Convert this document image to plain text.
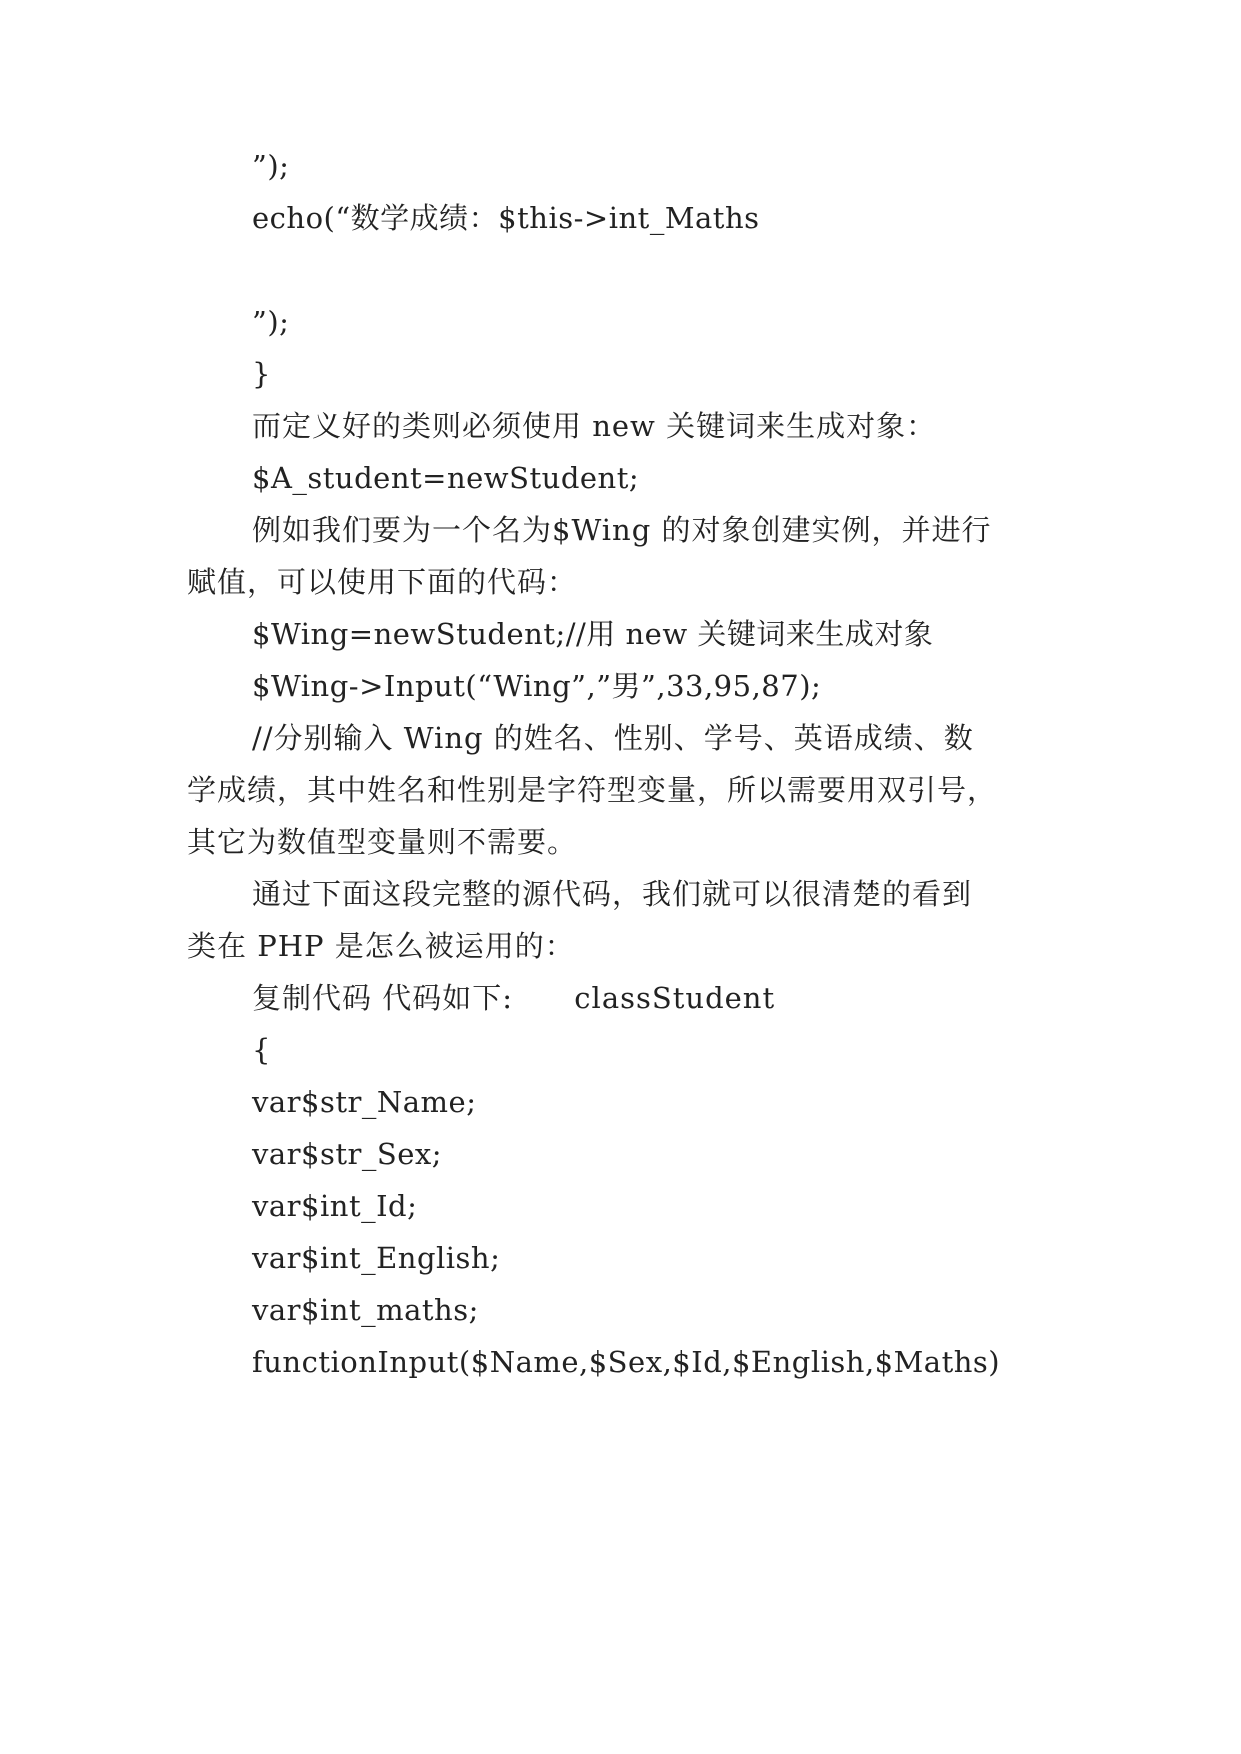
”);
echo(“数学成绩：$this->int_Maths
”);
}
而定义好的类则必须使用 new 关键词来生成对象：
$A_student=newStudent;
例如我们要为一个名为$Wing 的对象创建实例，并进行
赋值，可以使用下面的代码：
$Wing=newStudent;//用 new 关键词来生成对象
$Wing->Input(“Wing”,”男”,33,95,87);
//分别输入 Wing 的姓名、性别、学号、英语成绩、数
学成绩，其中姓名和性别是字符型变量，所以需要用双引号，
其它为数值型变量则不需要。
通过下面这段完整的源代码，我们就可以很清楚的看到
类在 PHP 是怎么被运用的：
复制代码 代码如下:      classStudent
{
var$str_Name;
var$str_Sex;
var$int_Id;
var$int_English;
var$int_maths;
functionInput($Name,$Sex,$Id,$English,$Maths)
